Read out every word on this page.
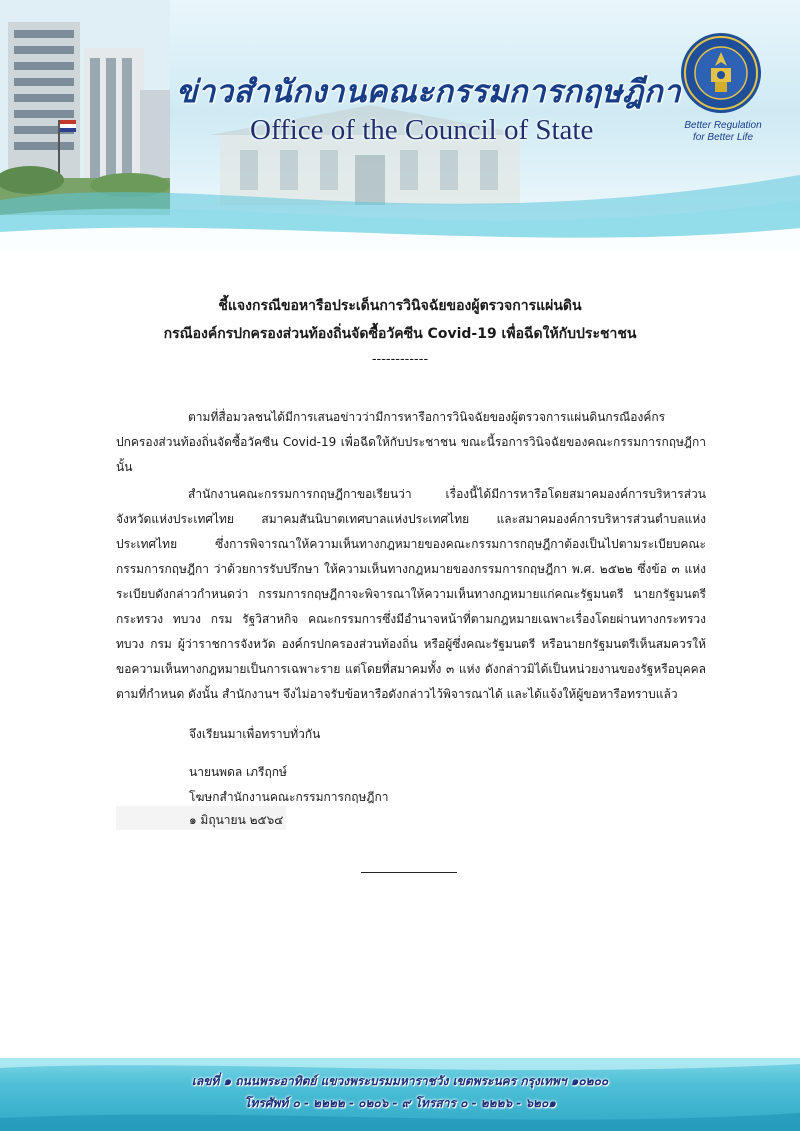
ข่าวสำนักงานคณะกรรมการกฤษฎีกา
Office of the Council of State	Better Regulation
for Better Life
ชี้แจงกรณีขอหารือประเด็นการวินิจฉัยของผู้ตรวจการแผ่นดิน
กรณีองค์กรปกครองส่วนท้องถิ่นจัดซื้อวัคซีน Covid-19 เพื่อฉีดให้กับประชาชน
------------

ตามที่สื่อมวลชนได้มีการเสนอข่าวว่ามีการหารือการวินิจฉัยของผู้ตรวจการแผ่นดินกรณีองค์กรปกครองส่วนท้องถิ่นจัดซื้อวัคซีน Covid-19 เพื่อฉีดให้กับประชาชน ขณะนี้รอการวินิจฉัยของคณะกรรมการกฤษฎีกา นั้น

สำนักงานคณะกรรมการกฤษฎีกาขอเรียนว่า เรื่องนี้ได้มีการหารือโดยสมาคมองค์การบริหารส่วนจังหวัดแห่งประเทศไทย สมาคมสันนิบาตเทศบาลแห่งประเทศไทย และสมาคมองค์การบริหารส่วนตำบลแห่งประเทศไทย ซึ่งการพิจารณาให้ความเห็นทางกฎหมายของคณะกรรมการกฤษฎีกาต้องเป็นไปตามระเบียบคณะกรรมการกฤษฎีกา ว่าด้วยการรับปรึกษา ให้ความเห็นทางกฎหมายของกรรมการกฤษฎีกา พ.ศ. ๒๕๒๒ ซึ่งข้อ ๓ แห่งระเบียบดังกล่าวกำหนดว่า กรรมการกฤษฎีกาจะพิจารณาให้ความเห็นทางกฎหมายแก่คณะรัฐมนตรี นายกรัฐมนตรี กระทรวง ทบวง กรม รัฐวิสาหกิจ คณะกรรมการซึ่งมีอำนาจหน้าที่ตามกฎหมายเฉพาะเรื่องโดยผ่านทางกระทรวง ทบวง กรม ผู้ว่าราชการจังหวัด องค์กรปกครองส่วนท้องถิ่น หรือผู้ซึ่งคณะรัฐมนตรี หรือนายกรัฐมนตรีเห็นสมควรให้ขอความเห็นทางกฎหมายเป็นการเฉพาะราย แต่โดยที่สมาคมทั้ง ๓ แห่ง ดังกล่าวมิได้เป็นหน่วยงานของรัฐหรือบุคคลตามที่กำหนด ดังนั้น สำนักงานฯ จึงไม่อาจรับข้อหารือดังกล่าวไว้พิจารณาได้ และได้แจ้งให้ผู้ขอหารือทราบแล้ว

จึงเรียนมาเพื่อทราบทั่วกัน
นายนพดล เภรีฤกษ์
โฆษกสำนักงานคณะกรรมการกฤษฎีกา
๑ มิถุนายน ๒๕๖๔
เลขที่ ๑ ถนนพระอาทิตย์ แขวงพระบรมมหาราชวัง เขตพระนคร กรุงเทพฯ ๑๐๒๐๐
โทรศัพท์ ๐ - ๒๒๒๒ - ๐๒๐๖ - ๙ โทรสาร ๐ - ๒๒๒๖ - ๖๒๐๑
